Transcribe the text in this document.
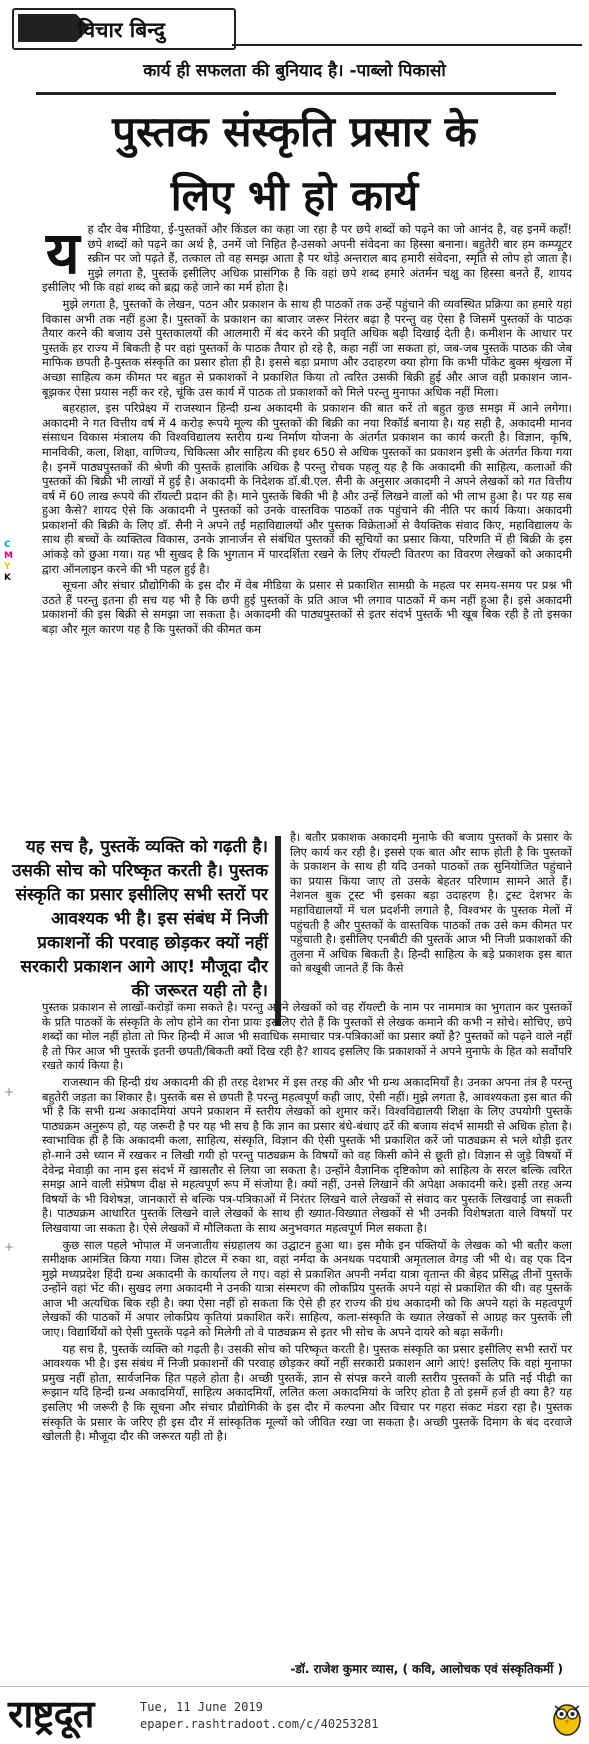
विचार बिन्दु
कार्य ही सफलता की बुनियाद है। -पाब्लो पिकासो
पुस्तक संस्कृति प्रसार के
लिए भी हो कार्य
C
M
Y
K
+
+

यह दौर वेब मीडिया, ई-पुस्तकों और किंडल का कहा जा रहा है पर छपे शब्दों को पढ़ने का जो आनंद है, वह इनमें कहाँ! छपे शब्दों को पढ़ने का अर्थ है, उनमें जो निहित है-उसको अपनी संवेदना का हिस्सा बनाना। बहुतेरी बार हम कम्प्यूटर स्क्रीन पर जो पढ़ते हैं, तत्काल तो वह समझ आता है पर थोड़े अन्तराल बाद हमारी संवेदना, स्मृति से लोप हो जाता है। मुझे लगता है, पुस्तकें इसीलिए अधिक प्रासंगिक है कि वहां छपे शब्द हमारे अंतर्मन चक्षु का हिस्सा बनते हैं, शायद इसीलिए भी कि वहां शब्द को ब्रह्म कहे जाने का मर्म होता है।

मुझे लगता है, पुस्तकों के लेखन, पठन और प्रकाशन के साथ ही पाठकों तक उन्हें पहुंचाने की व्यवस्थित प्रक्रिया का हमारे यहां विकास अभी तक नहीं हुआ है। पुस्तकों के प्रकाशन का बाजार जरूर निरंतर बढ़ा है परन्तु वह ऐसा है जिसमें पुस्तकों के पाठक तैयार करने की बजाय उसे पुस्तकालयों की आलमारी में बंद करने की प्रवृति अधिक बढ़ी दिखाई देती है। कमीशन के आधार पर पुस्तकें हर राज्य में बिकती है पर वहां पुस्तकों के पाठक तैयार हो रहे है, कहा नहीं जा सकता हां, जब-जब पुस्तकें पाठक की जेब माफिक छपती है-पुस्तक संस्कृति का प्रसार होता ही है। इससे बड़ा प्रमाण और उदाहरण क्या होगा कि कभी पॉकेट बुक्स श्रृंखला में अच्छा साहित्य कम कीमत पर बहुत से प्रकाशकों ने प्रकाशित किया तो त्वरित उसकी बिक्री हुई और आज वही प्रकाशन जान-बूझकर ऐसा प्रयास नहीं कर रहे, चूंकि उस कार्य में पाठक तो प्रकाशकों को मिले परन्तु मुनाफा अधिक नहीं मिला।

बहरहाल, इस परिप्रेक्ष्य में राजस्थान हिन्दी ग्रन्थ अकादमी के प्रकाशन की बात करें तो बहुत कुछ समझ में आने लगेगा। अकादमी ने गत वित्तीय वर्ष में 4 करोड़ रूपये मूल्य की पुस्तकों की बिक्री का नया रिकॉर्ड बनाया है। यह सही है, अकादमी मानव संसाधन विकास मंत्रालय की विश्वविद्यालय स्तरीय ग्रन्थ निर्माण योजना के अंतर्गत प्रकाशन का कार्य करती है। विज्ञान, कृषि, मानविकी, कला, शिक्षा, वाणिज्य, चिकित्सा और साहित्य की इधर 650 से अधिक पुस्तकों का प्रकाशन इसी के अंतर्गत किया गया है। इनमें पाठ्यपुस्तकों की श्रेणी की पुस्तकें हालांकि अधिक है परन्तु रोचक पहलू यह है कि अकादमी की साहित्य, कलाओं की पुस्तकों की बिक्री भी लाखों में हुई है। अकादमी के निदेशक डॉ.बी.एल. सैनी के अनुसार अकादमी ने अपने लेखकों को गत वित्तीय वर्ष में 60 लाख रूपये की रॉयल्टी प्रदान की है। माने पुस्तकें बिकी भी है और उन्हें लिखने वालों को भी लाभ हुआ है। पर यह सब हुआ कैसे? शायद ऐसे कि अकादमी ने पुस्तकों को उनके वास्तविक पाठकों तक पहुंचाने की नीति पर कार्य किया। अकादमी प्रकाशनों की बिक्री के लिए डॉ. सैनी ने अपने तईं महाविद्यालयों और पुस्तक विक्रेताओं से वैयक्तिक संवाद किए, महाविद्यालय के साथ ही बच्चों के व्यक्तित्व विकास, उनके ज्ञानार्जन से संबंधित पुस्तकों की सूचियों का प्रसार किया, परिणति में ही बिक्री के इस आंकड़े को छुआ गया। यह भी सुखद है कि भुगतान में पारदर्शिता रखने के लिए रॉयल्टी वितरण का विवरण लेखकों को अकादमी द्वारा ऑनलाइन करने की भी पहल हुई है।

सूचना और संचार प्रौद्योगिकी के इस दौर में वेब मीडिया के प्रसार से प्रकाशित सामग्री के महत्व पर समय-समय पर प्रश्न भी उठते हैं परन्तु इतना ही सच यह भी है कि छपी हुई पुस्तकों के प्रति आज भी लगाव पाठकों में कम नहीं हुआ है। इसे अकादमी प्रकाशनों की इस बिक्री से समझा जा सकता है। अकादमी की पाठ्यपुस्तकों से इतर संदर्भ पुस्तकें भी खूब बिक रही है तो इसका बड़ा और मूल कारण यह है कि पुस्तकों की कीमत कम

यह सच है, पुस्तकें व्यक्ति को गढ़ती है। उसकी सोच को परिष्कृत करती है। पुस्तक संस्कृति का प्रसार इसीलिए सभी स्तरों पर आवश्यक भी है। इस संबंध में निजी प्रकाशनों की परवाह छोड़कर क्यों नहीं सरकारी प्रकाशन आगे आए! मौजूदा दौर की जरूरत यही तो है।

है। बतौर प्रकाशक अकादमी मुनाफे की बजाय पुस्तकों के प्रसार के लिए कार्य कर रही है। इससे एक बात और साफ होती है कि पुस्तकों के प्रकाशन के साथ ही यदि उनको पाठकों तक सुनियोजित पहुंचाने का प्रयास किया जाए तो उसके बेहतर परिणाम सामने आते हैं। नेशनल बुक ट्रस्ट भी इसका बड़ा उदाहरण है। ट्रस्ट देशभर के महाविद्यालयों में चल प्रदर्शनी लगाते है, विश्वभर के पुस्तक मेलों में पहुंचती है और पुस्तकों के वास्तविक पाठकों तक उसे कम कीमत पर पहुंचाती है। इसीलिए एनबीटी की पुस्तकें आज भी निजी प्रकाशकों की तुलना में अधिक बिकती है। हिन्दी साहित्य के बड़े प्रकाशक इस बात को बखूबी जानते हैं कि कैसे

पुस्तक प्रकाशन से लाखों-करोड़ों कमा सकते है। परन्तु अपने लेखकों को वह रॉयल्टी के नाम पर नाममात्र का भुगतान कर पुस्तकों के प्रति पाठकों के संस्कृति के लोप होने का रोना प्रायः इसलिए रोते हैं कि पुस्तकों से लेखक कमाने की कभी न सोचे। सोचिए, छपे शब्दों का मोल नहीं होता तो फिर हिन्दी में आज भी सवाधिक समाचार पत्र-पत्रिकाओं का प्रसार क्यों है? पुस्तकों को पढ़ने वाले नहीं है तो फिर आज भी पुस्तकें इतनी छपती/बिकती क्यों दिख रही है? शायद इसलिए कि प्रकाशकों ने अपने मुनाफे के हित को सर्वोपरि रखते कार्य किया है।

राजस्थान की हिन्दी ग्रंथ अकादमी की ही तरह देशभर में इस तरह की और भी ग्रन्थ अकादमियाँ है। उनका अपना तंत्र है परन्तु बहुतेरी जड़ता का शिकार है। पुस्तकें बस से छपती है परन्तु महत्वपूर्ण कही जाए, ऐसी नहीं। मुझे लगता है, आवश्यकता इस बात की भी है कि सभी ग्रन्थ अकादमियां अपने प्रकाशन में स्तरीय लेखकों को शुमार करें। विश्वविद्यालयी शिक्षा के लिए उपयोगी पुस्तकें पाठ्यक्रम अनुरूप हो, यह जरूरी है पर यह भी सच है कि ज्ञान का प्रसार बंधे-बंधाए ढर्रे की बजाय संदर्भ सामग्री से अधिक होता है। स्वाभाविक ही है कि अकादमी कला, साहित्य, संस्कृति, विज्ञान की ऐसी पुस्तकें भी प्रकाशित करें जो पाठ्यक्रम से भले थोड़ी इतर हो-माने उसे ध्यान में रखकर न लिखी गयी हो परन्तु पाठ्यक्रम के विषयों को वह किसी कोने से छूती हो। विज्ञान से जुड़े विषयों में देवेन्द्र मेवाड़ी का नाम इस संदर्भ में खासतौर से लिया जा सकता है। उन्होंने वैज्ञानिक दृष्टिकोण को साहित्य के सरल बल्कि त्वरित समझ आने वाली संप्रेषण दीक्ष से महत्वपूर्ण रूप में संजोया है। क्यों नहीं, उनसे लिखाने की अपेक्षा अकादमी करे। इसी तरह अन्य विषयों के भी विशेषज्ञ, जानकारों से बल्कि पत्र-पत्रिकाओं में निरंतर लिखने वाले लेखकों से संवाद कर पुस्तकें लिखवाई जा सकती है। पाठ्यक्रम आधारित पुस्तकें लिखने वाले लेखकों के साथ ही ख्यात-विख्यात लेखकों से भी उनकी विशेषज्ञता वाले विषयों पर लिखवाया जा सकता है। ऐसे लेखकों में मौलिकता के साथ अनुभवगत महत्वपूर्ण मिल सकता है।

कुछ साल पहले भोपाल में जनजातीय संग्रहालय का उद्घाटन हुआ था। इस मौके इन पंक्तियों के लेखक को भी बतौर कला समीक्षक आमंत्रित किया गया। जिस होटल में रुका था, वहां नर्मदा के अनथक पदयात्री अमृतलाल वेगड़ जी भी थे। वह एक दिन मुझे मध्यप्रदेश हिंदी ग्रन्थ अकादमी के कार्यालय ले गए। वहां से प्रकाशित अपनी नर्मदा यात्रा वृतान्त की बेहद प्रसिद्ध तीनों पुस्तकें उन्होंने वहां भेंट की। सुखद लगा अकादमी ने उनकी यात्रा संस्मरण की लोकप्रिय पुस्तकें अपने यहां से प्रकाशित की थी। वह पुस्तकें आज भी अत्यधिक बिक रही है। क्या ऐसा नहीं हो सकता कि ऐसे ही हर राज्य की ग्रंथ अकादमी को कि अपने यहां के महत्वपूर्ण लेखकों की पाठकों में अपार लोकप्रिय कृतियां प्रकाशित करें। साहित्य, कला-संस्कृति के ख्यात लेखकों से आग्रह कर पुस्तकें ली जाए। विद्यार्थियों को ऐसी पुस्तकें पढ़ने को मिलेगी तो वे पाठ्यक्रम से इतर भी सोच के अपने दायरे को बढ़ा सकेंगी।

यह सच है, पुस्तकें व्यक्ति को गढ़ती है। उसकी सोच को परिष्कृत करती है। पुस्तक संस्कृति का प्रसार इसीलिए सभी स्तरों पर आवश्यक भी है। इस संबंध में निजी प्रकाशनों की परवाह छोड़कर क्यों नहीं सरकारी प्रकाशन आगे आएं! इसलिए कि वहां मुनाफा प्रमुख नहीं होता, सार्वजनिक हित पहले होता है। अच्छी पुस्तकें, ज्ञान से संपन्न करने वाली स्तरीय पुस्तकों के प्रति नई पीढ़ी का रूझान यदि हिन्दी ग्रन्थ अकादमियाँ, साहित्य अकादमियाँ, ललित कला अकादमियां के जरिए होता है तो इसमें हर्ज ही क्या है? यह इसलिए भी जरूरी है कि सूचना और संचार प्रौद्योगिकी के इस दौर में कल्पना और विचार पर गहरा संकट मंडरा रहा है। पुस्तक संस्कृति के प्रसार के जरिए ही इस दौर में सांस्कृतिक मूल्यों को जीवित रखा जा सकता है। अच्छी पुस्तकें दिमाग के बंद दरवाजे खोलती है। मौजूदा दौर की जरूरत यही तो है।

-डॉ. राजेश कुमार व्यास, ( कवि, आलोचक एवं संस्कृतिकर्मी )
राष्ट्रदूत	Tue, 11 June 2019
epaper.rashtradoot.com/c/40253281
